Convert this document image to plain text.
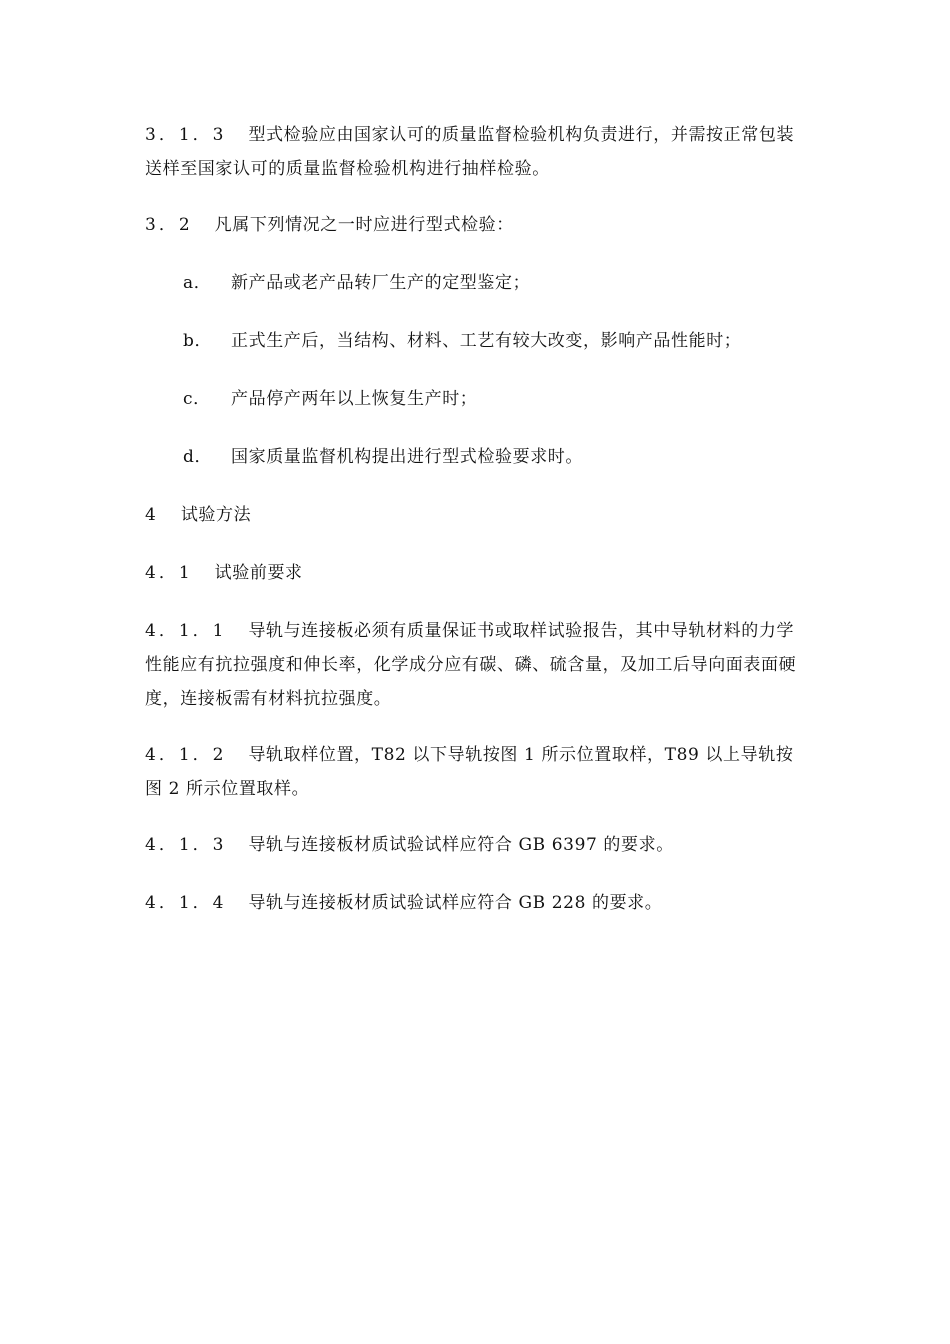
3．1．3 型式检验应由国家认可的质量监督检验机构负责进行，并需按正常包装送样至国家认可的质量监督检验机构进行抽样检验。

3．2 凡属下列情况之一时应进行型式检验：

a． 新产品或老产品转厂生产的定型鉴定；
b． 正式生产后，当结构、材料、工艺有较大改变，影响产品性能时；
c． 产品停产两年以上恢复生产时；
d． 国家质量监督机构提出进行型式检验要求时。

4 试验方法

4．1 试验前要求

4．1．1 导轨与连接板必须有质量保证书或取样试验报告，其中导轨材料的力学性能应有抗拉强度和伸长率，化学成分应有碳、磷、硫含量，及加工后导向面表面硬度，连接板需有材料抗拉强度。

4．1．2 导轨取样位置，T82 以下导轨按图 1 所示位置取样，T89 以上导轨按图 2 所示位置取样。

4．1．3 导轨与连接板材质试验试样应符合 GB 6397 的要求。

4．1．4 导轨与连接板材质试验试样应符合 GB 228 的要求。
